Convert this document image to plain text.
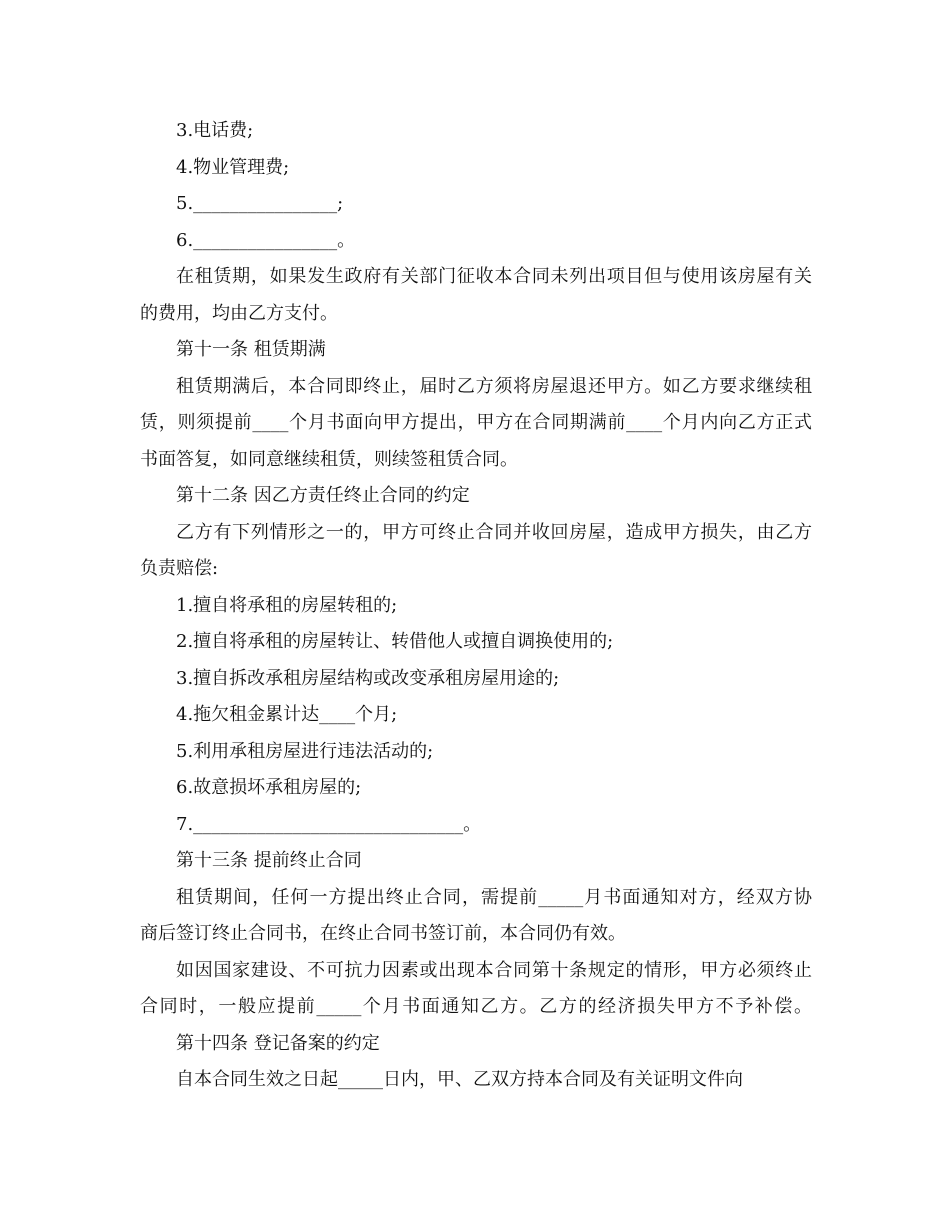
3.电话费;
4.物业管理费;
5.________________;
6.________________。
在租赁期，如果发生政府有关部门征收本合同未列出项目但与使用该房屋有关
的费用，均由乙方支付。
第十一条 租赁期满
租赁期满后，本合同即终止，届时乙方须将房屋退还甲方。如乙方要求继续租
赁，则须提前____个月书面向甲方提出，甲方在合同期满前____个月内向乙方正式
书面答复，如同意继续租赁，则续签租赁合同。
第十二条 因乙方责任终止合同的约定
乙方有下列情形之一的，甲方可终止合同并收回房屋，造成甲方损失，由乙方
负责赔偿:
1.擅自将承租的房屋转租的;
2.擅自将承租的房屋转让、转借他人或擅自调换使用的;
3.擅自拆改承租房屋结构或改变承租房屋用途的;
4.拖欠租金累计达____个月;
5.利用承租房屋进行违法活动的;
6.故意损坏承租房屋的;
7.______________________________。
第十三条 提前终止合同
租赁期间，任何一方提出终止合同，需提前_____月书面通知对方，经双方协
商后签订终止合同书，在终止合同书签订前，本合同仍有效。
如因国家建设、不可抗力因素或出现本合同第十条规定的情形，甲方必须终止
合同时，一般应提前_____个月书面通知乙方。乙方的经济损失甲方不予补偿。
第十四条 登记备案的约定
自本合同生效之日起_____日内，甲、乙双方持本合同及有关证明文件向
